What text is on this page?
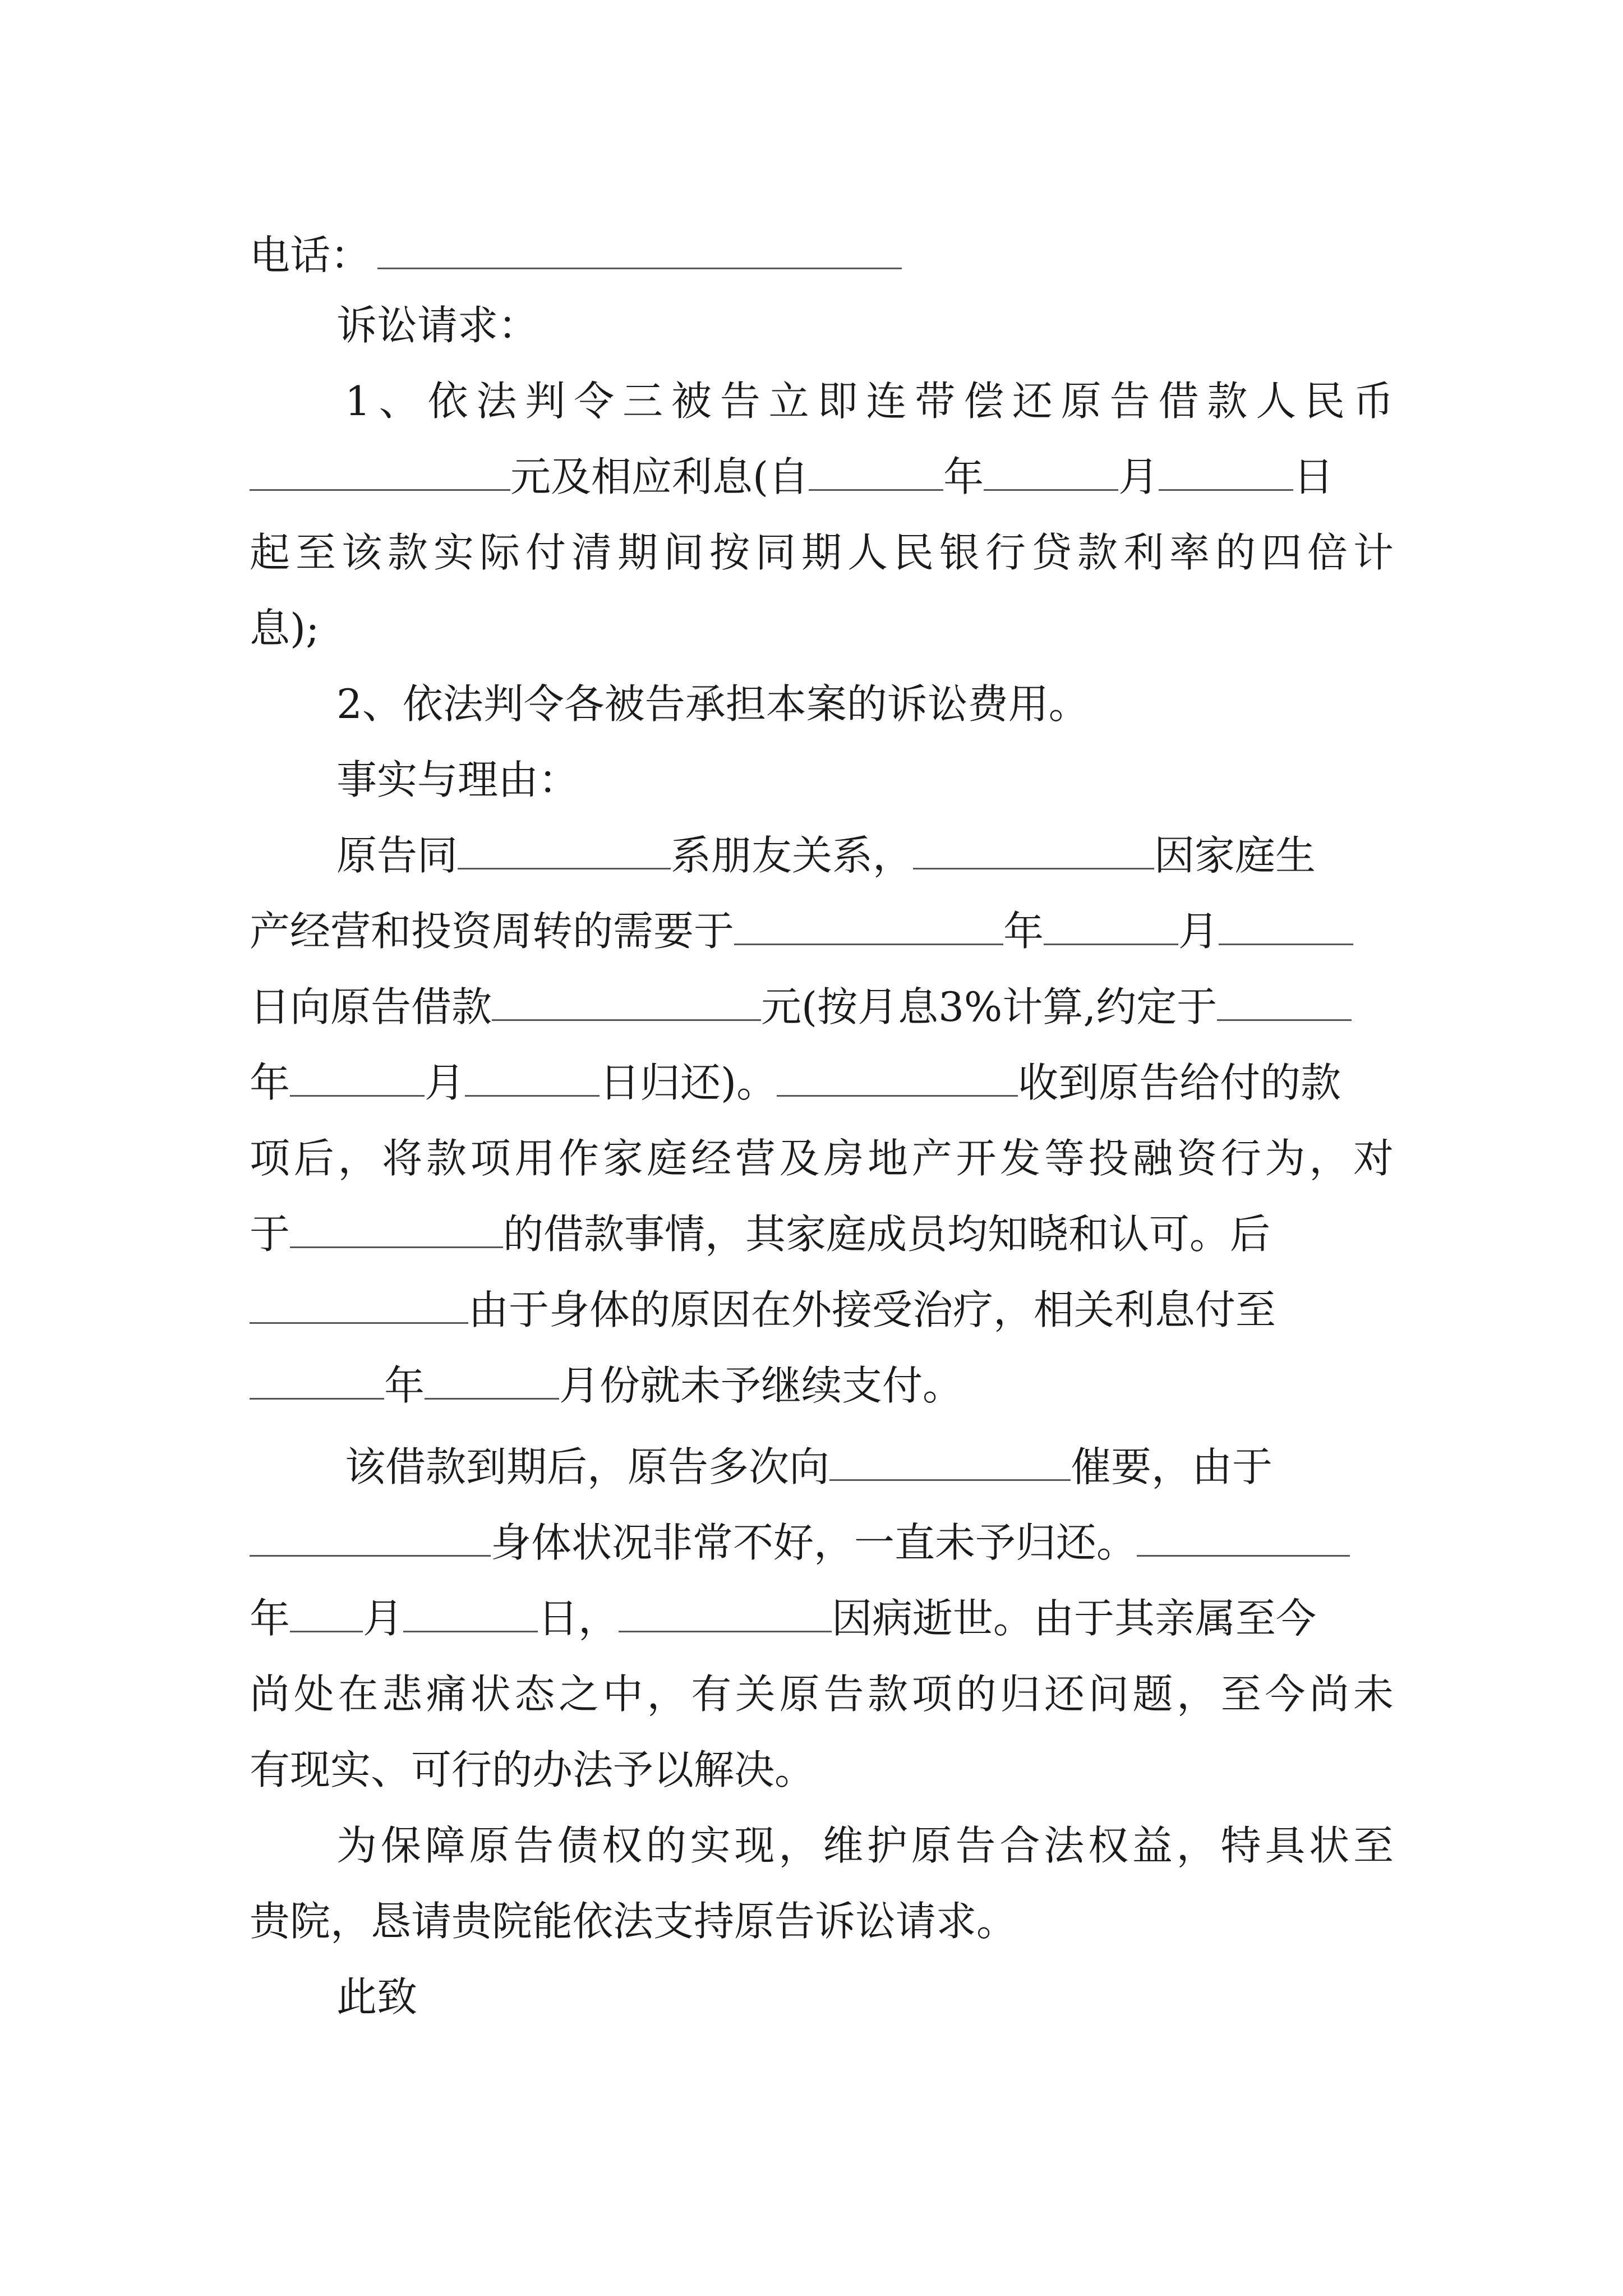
电话：
诉讼请求：
1、依法判令三被告立即连带偿还原告借款人民币
元及相应利息(自	年	月	日
起至该款实际付清期间按同期人民银行贷款利率的四倍计
息);
2、依法判令各被告承担本案的诉讼费用。
事实与理由：
原告同	系朋友关系，	因家庭生
产经营和投资周转的需要于	年	月
日向原告借款	元(按月息3%计算,约定于
年	月	日归还)。	收到原告给付的款
项后，将款项用作家庭经营及房地产开发等投融资行为，对
于	的借款事情，其家庭成员均知晓和认可。后
由于身体的原因在外接受治疗，相关利息付至
年	月份就未予继续支付。
该借款到期后，原告多次向	催要，由于
身体状况非常不好，一直未予归还。
年 月	日，	因病逝世。由于其亲属至今
尚处在悲痛状态之中，有关原告款项的归还问题，至今尚未
有现实、可行的办法予以解决。
为保障原告债权的实现，维护原告合法权益，特具状至
贵院，恳请贵院能依法支持原告诉讼请求。
此致
